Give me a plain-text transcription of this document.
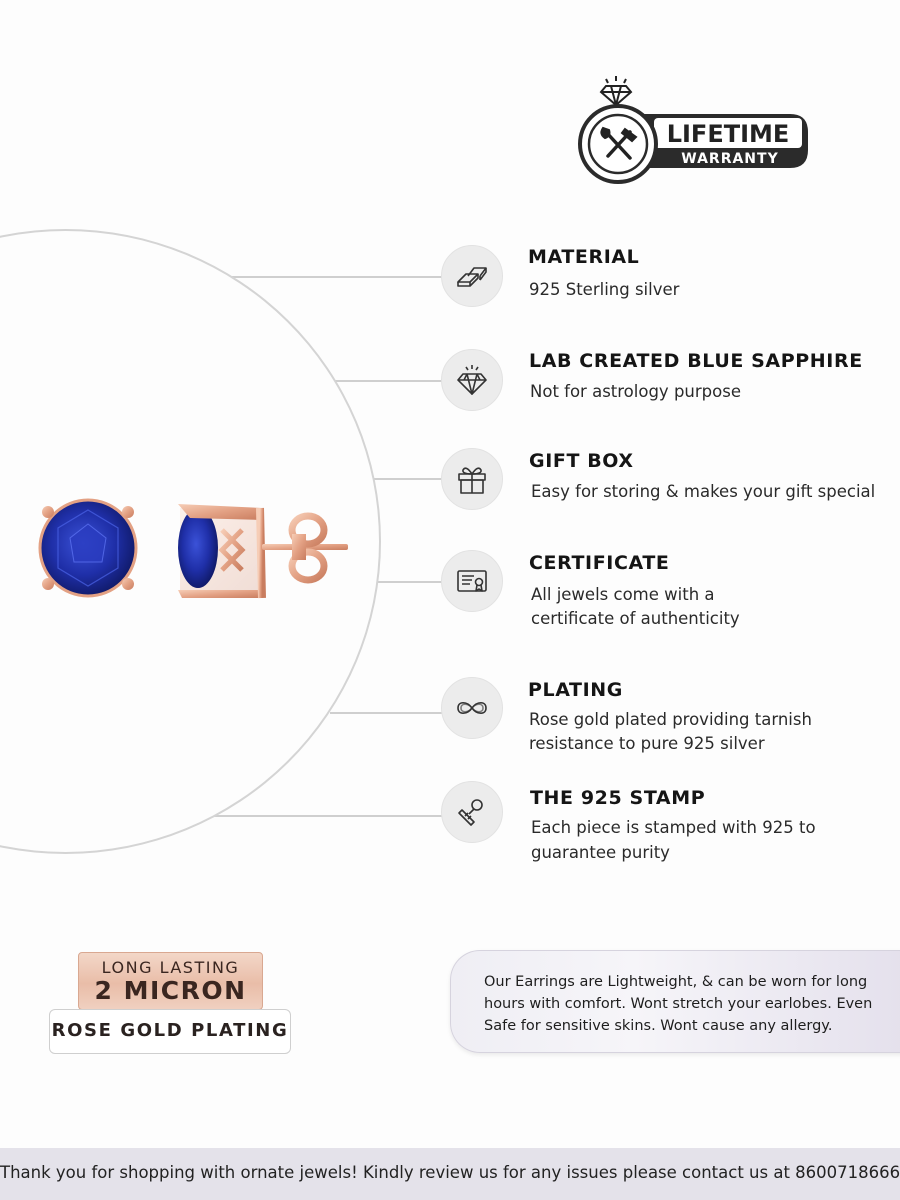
LIFETIME
WARRANTY
MATERIAL
925 Sterling silver
LAB CREATED BLUE SAPPHIRE
Not for astrology purpose
GIFT BOX
Easy for storing & makes your gift special
CERTIFICATE
All jewels come with a
certificate of authenticity
PLATING
Rose gold plated providing tarnish
resistance to pure 925 silver
THE 925 STAMP
Each piece is stamped with 925 to
guarantee purity
LONG LASTING
2 MICRON
ROSE GOLD PLATING

Our Earrings are Lightweight, & can be worn for long hours with comfort. Wont stretch your earlobes. Even Safe for sensitive skins. Wont cause any allergy.

Thank you for shopping with ornate jewels! Kindly review us for any issues please contact us at 8600718666
